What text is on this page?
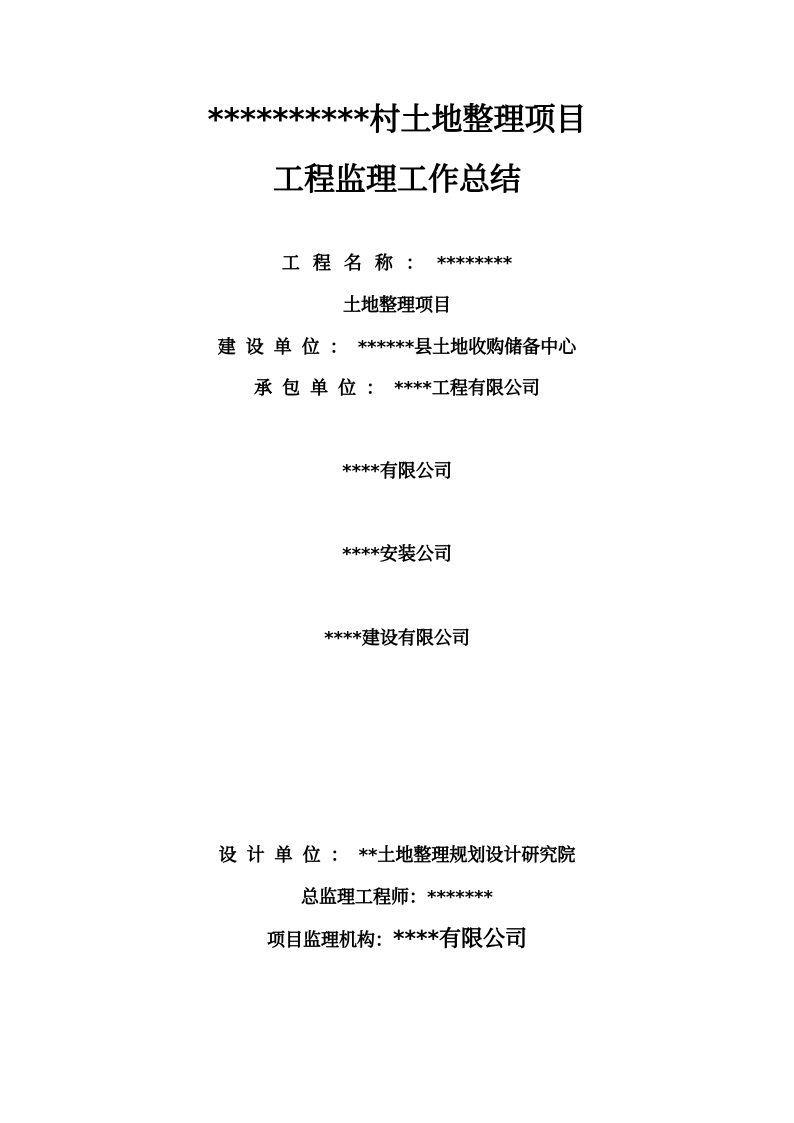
**********村土地整理项目
工程监理工作总结
工程名称：********
土地整理项目
建设单位：******县土地收购储备中心
承包单位：****工程有限公司
****有限公司
****安装公司
****建设有限公司
设计单位：**土地整理规划设计研究院
总监理工程师：*******
项目监理机构：****有限公司
